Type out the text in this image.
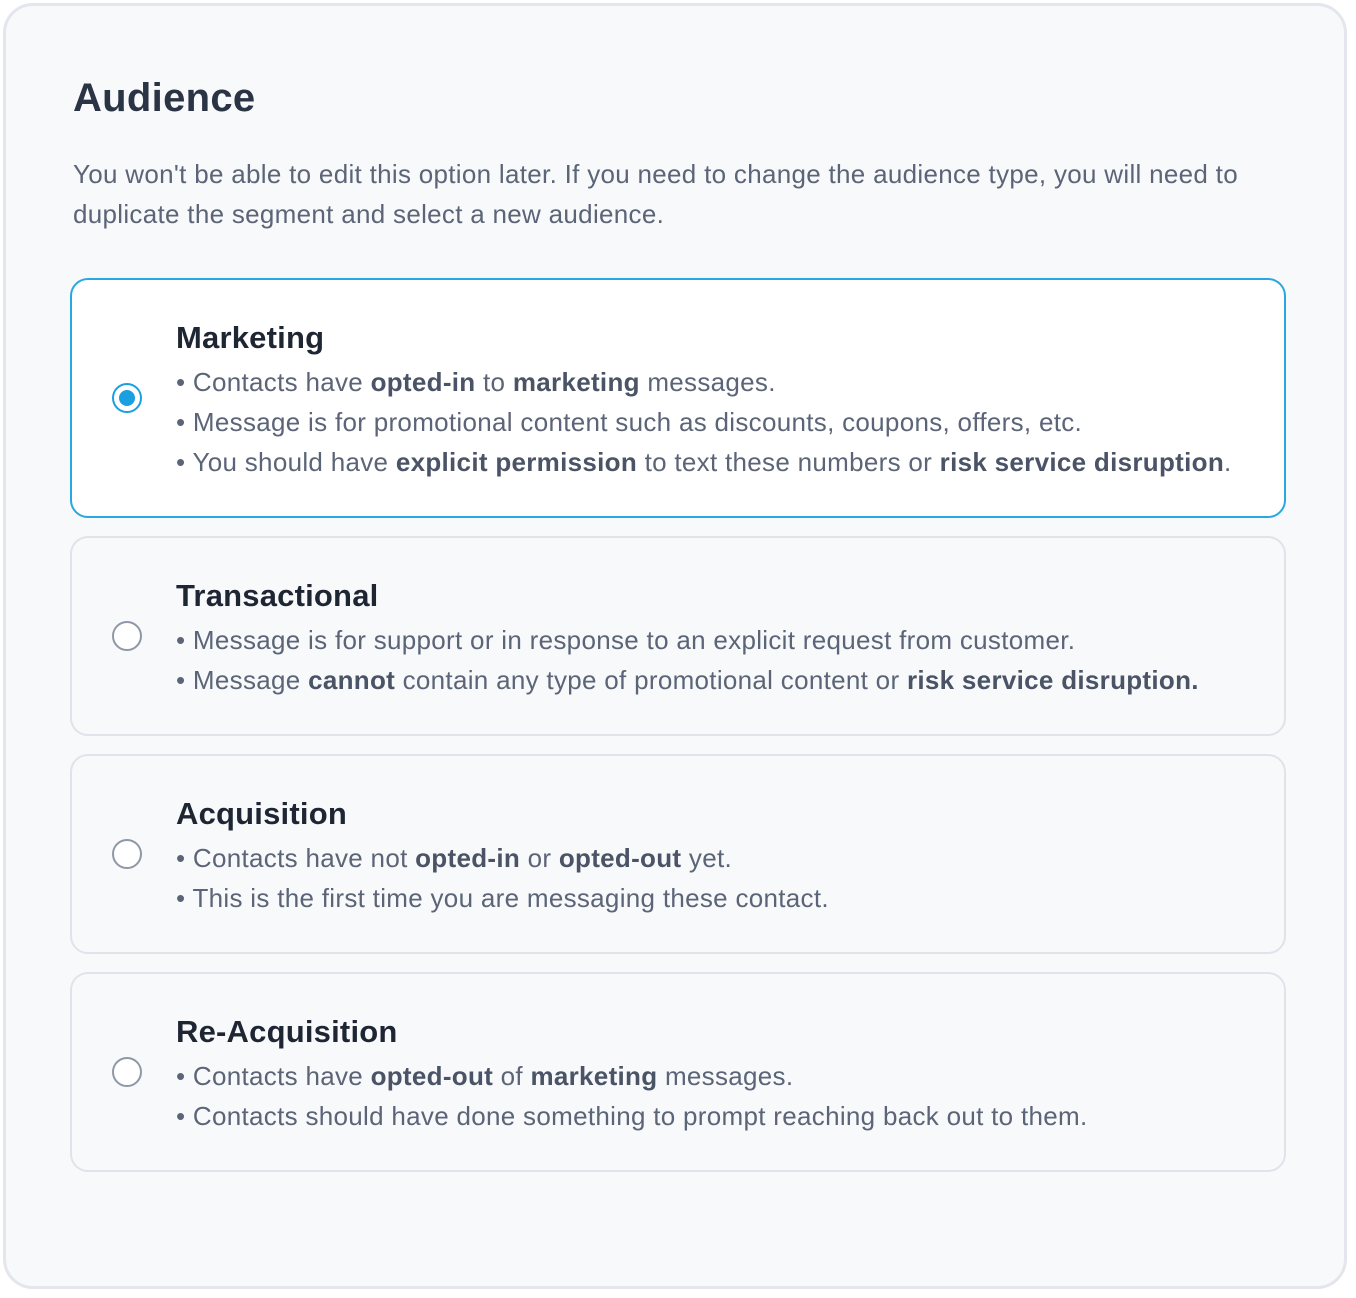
Audience

You won't be able to edit this option later. If you need to change the audience type, you will need to duplicate the segment and select a new audience.

Marketing

• Contacts have opted-in to marketing messages.

• Message is for promotional content such as discounts, coupons, offers, etc.

• You should have explicit permission to text these numbers or risk service disruption.

Transactional

• Message is for support or in response to an explicit request from customer.

• Message cannot contain any type of promotional content or risk service disruption.

Acquisition

• Contacts have not opted-in or opted-out yet.

• This is the first time you are messaging these contact.

Re-Acquisition

• Contacts have opted-out of marketing messages.

• Contacts should have done something to prompt reaching back out to them.
